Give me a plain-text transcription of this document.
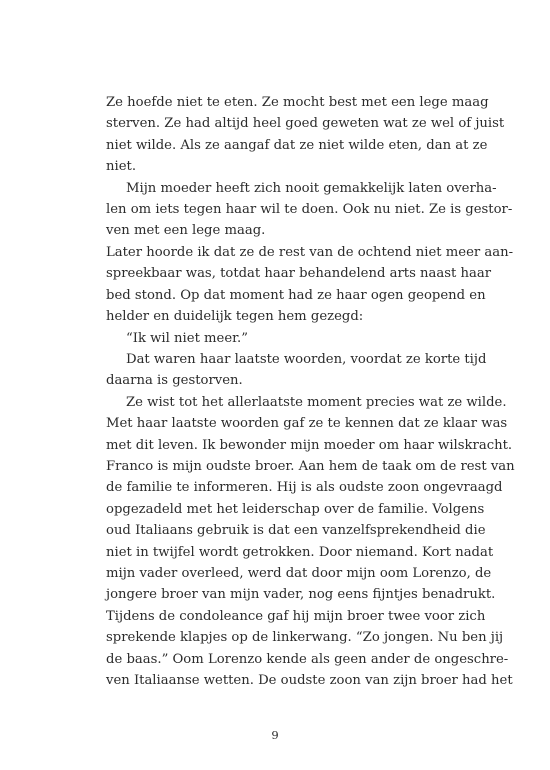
Ze hoefde niet te eten. Ze mocht best met een lege maag
sterven. Ze had altijd heel goed geweten wat ze wel of juist
niet wilde. Als ze aangaf dat ze niet wilde eten, dan at ze
niet.
Mijn moeder heeft zich nooit gemakkelijk laten overha-
len om iets tegen haar wil te doen. Ook nu niet. Ze is gestor-
ven met een lege maag.
Later hoorde ik dat ze de rest van de ochtend niet meer aan-
spreekbaar was, totdat haar behandelend arts naast haar
bed stond. Op dat moment had ze haar ogen geopend en
helder en duidelijk tegen hem gezegd:
“Ik wil niet meer.”
Dat waren haar laatste woorden, voordat ze korte tijd
daarna is gestorven.
Ze wist tot het allerlaatste moment precies wat ze wilde.
Met haar laatste woorden gaf ze te kennen dat ze klaar was
met dit leven. Ik bewonder mijn moeder om haar wilskracht.
Franco is mijn oudste broer. Aan hem de taak om de rest van
de familie te informeren. Hij is als oudste zoon ongevraagd
opgezadeld met het leiderschap over de familie. Volgens
oud Italiaans gebruik is dat een vanzelfsprekendheid die
niet in twijfel wordt getrokken. Door niemand. Kort nadat
mijn vader overleed, werd dat door mijn oom Lorenzo, de
jongere broer van mijn vader, nog eens fijntjes benadrukt.
Tijdens de condoleance gaf hij mijn broer twee voor zich
sprekende klapjes op de linkerwang. “Zo jongen. Nu ben jij
de baas.” Oom Lorenzo kende als geen ander de ongeschre-
ven Italiaanse wetten. De oudste zoon van zijn broer had het
9
